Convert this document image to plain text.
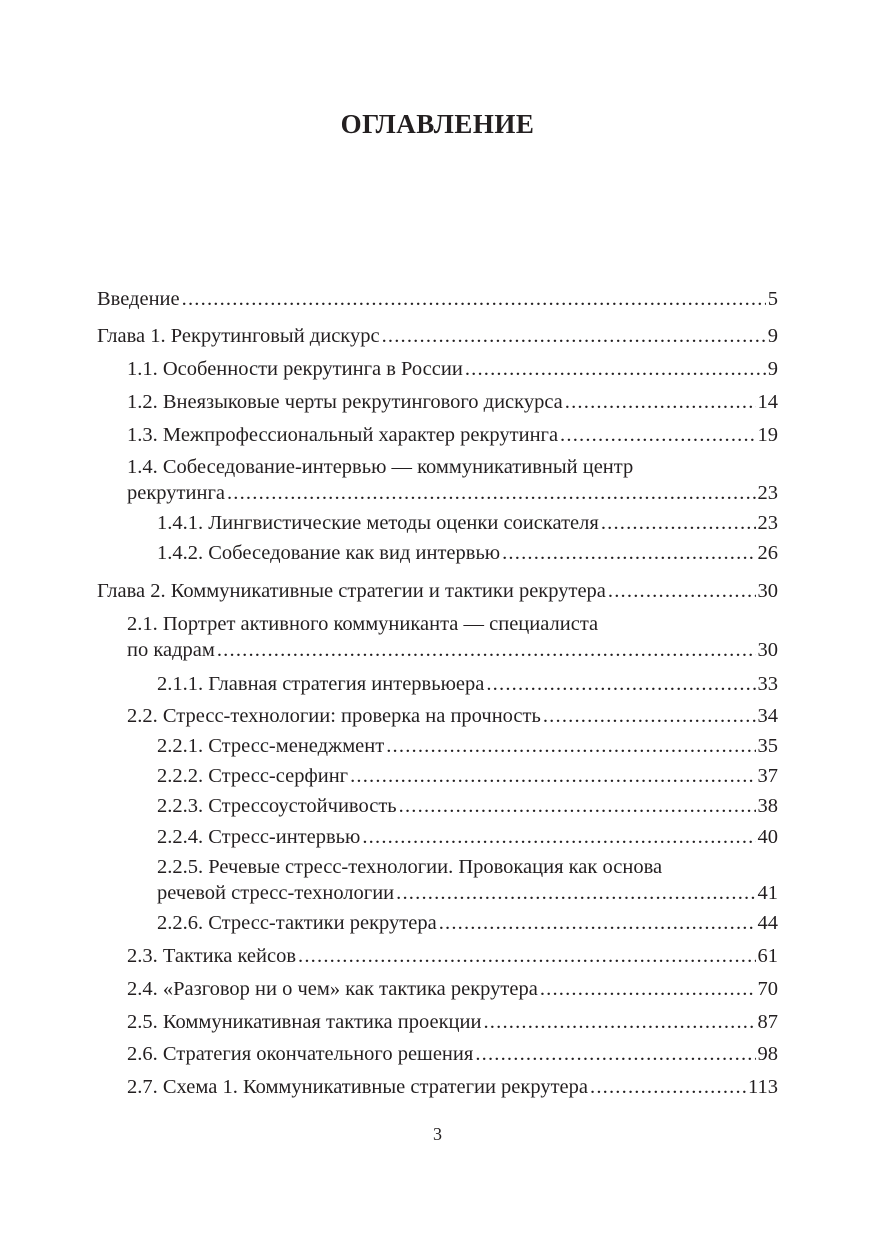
ОГЛАВЛЕНИЕ
Введение .....	5
Глава 1. Рекрутинговый дискурс .....	9
1.1. Особенности рекрутинга в России .....	9
1.2. Внеязыковые черты рекрутингового дискурса .....	14
1.3. Межпрофессиональный характер рекрутинга .....	19
1.4. Собеседование-интервью — коммуникативный центр
рекрутинга .....	23
1.4.1. Лингвистические методы оценки соискателя .....	23
1.4.2. Собеседование как вид интервью .....	26
Глава 2. Коммуникативные стратегии и тактики рекрутера .....	30
2.1. Портрет активного коммуниканта — специалиста
по кадрам .....	30
2.1.1. Главная стратегия интервьюера .....	33
2.2. Стресс-технологии: проверка на прочность .....	34
2.2.1. Стресс-менеджмент .....	35
2.2.2. Стресс-серфинг .....	37
2.2.3. Стрессоустойчивость .....	38
2.2.4. Стресс-интервью .....	40
2.2.5. Речевые стресс-технологии. Провокация как основа
речевой стресс-технологии .....	41
2.2.6. Стресс-тактики рекрутера .....	44
2.3. Тактика кейсов .....	61
2.4. «Разговор ни о чем» как тактика рекрутера .....	70
2.5. Коммуникативная тактика проекции .....	87
2.6. Стратегия окончательного решения .....	98
2.7. Схема 1. Коммуникативные стратегии рекрутера .....	113
3
